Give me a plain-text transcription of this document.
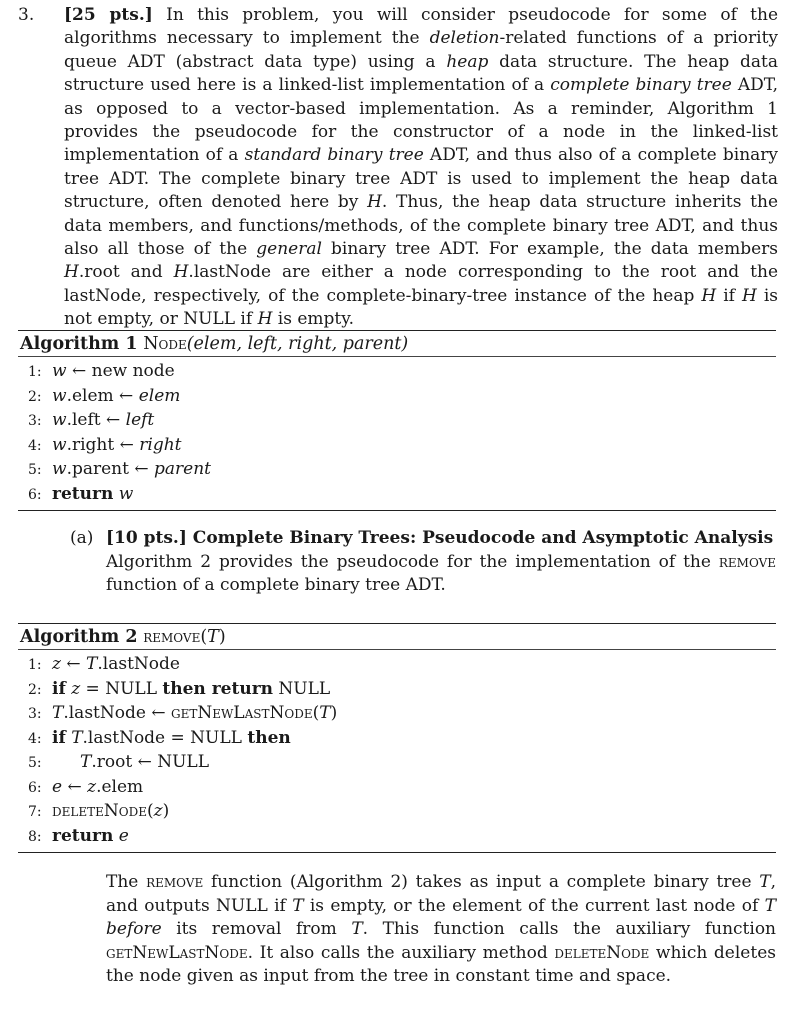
3. [25 pts.] In this problem, you will consider pseudocode for some of the algorithms necessary to implement the deletion-related functions of a priority queue ADT (abstract data type) using a heap data structure. The heap data structure used here is a linked-list implementation of a complete binary tree ADT, as opposed to a vector-based implementation. As a reminder, Algorithm 1 provides the pseudocode for the constructor of a node in the linked-list implementation of a standard binary tree ADT, and thus also of a complete binary tree ADT. The complete binary tree ADT is used to implement the heap data structure, often denoted here by H. Thus, the heap data structure inherits the data members, and functions/methods, of the complete binary tree ADT, and thus also all those of the general binary tree ADT. For example, the data members H.root and H.lastNode are either a node corresponding to the root and the lastNode, respectively, of the complete-binary-tree instance of the heap H if H is not empty, or NULL if H is empty.
Algorithm 1 Node(elem, left, right, parent)
1: w ← new node
2: w.elem ← elem
3: w.left ← left
4: w.right ← right
5: w.parent ← parent
6: return w
(a) [10 pts.] Complete Binary Trees: Pseudocode and Asymptotic Analysis
Algorithm 2 provides the pseudocode for the implementation of the remove function of a complete binary tree ADT.
Algorithm 2 remove(T)
1: z ← T.lastNode
2: if z = NULL then return NULL
3: T.lastNode ← getNewLastNode(T)
4: if T.lastNode = NULL then
5: T.root ← NULL
6: e ← z.elem
7: deleteNode(z)
8: return e
The remove function (Algorithm 2) takes as input a complete binary tree T, and outputs NULL if T is empty, or the element of the current last node of T before its removal from T. This function calls the auxiliary function getNewLastNode. It also calls the auxiliary method deleteNode which deletes the node given as input from the tree in constant time and space.
